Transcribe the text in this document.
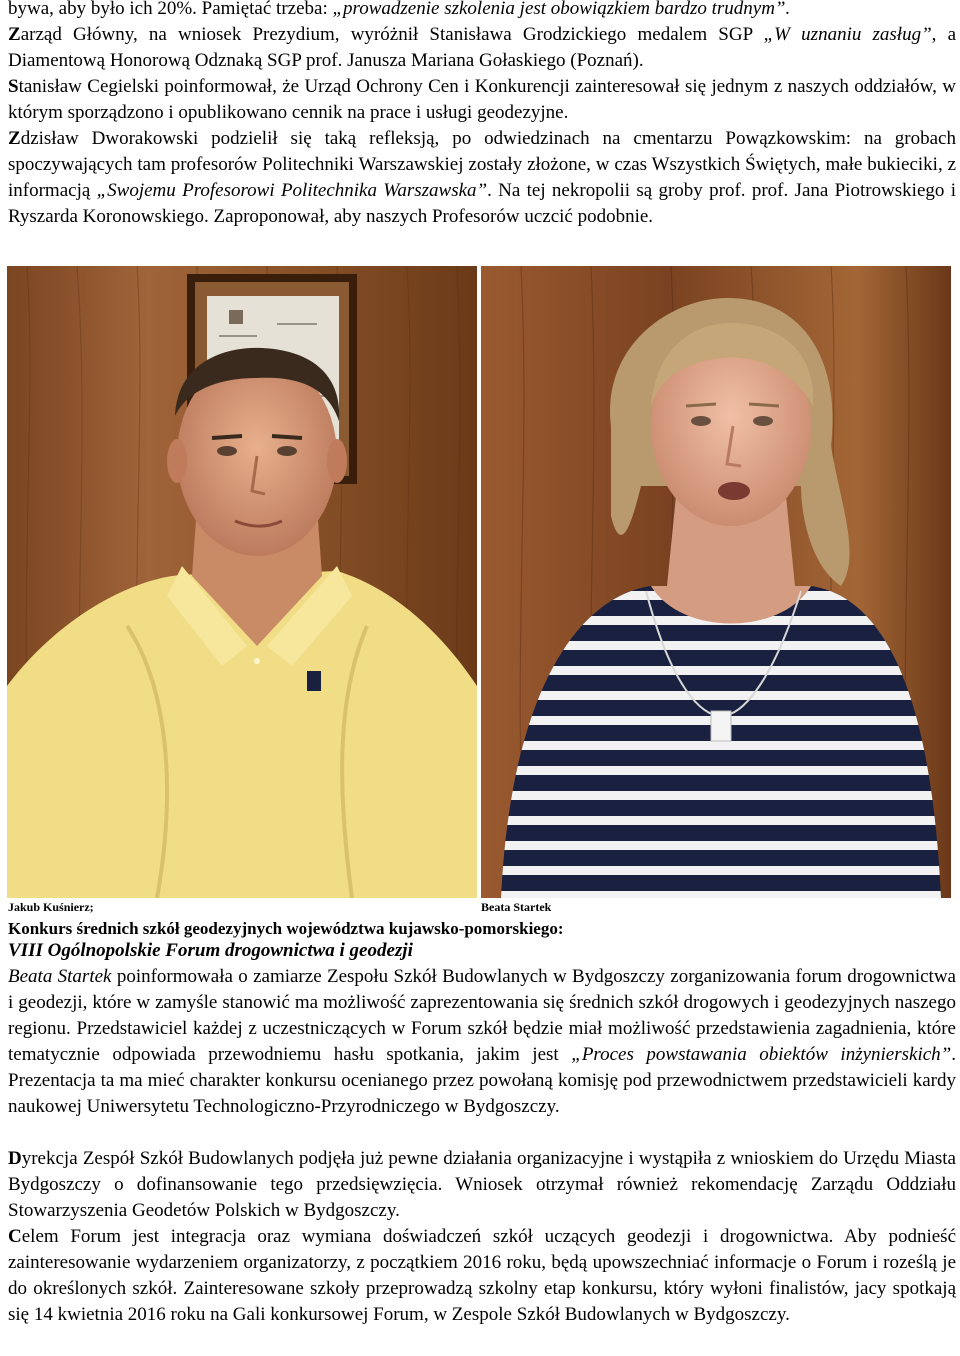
bywa, aby było ich 20%. Pamiętać trzeba: „prowadzenie szkolenia jest obowiązkiem bardzo trudnym”.

Zarząd Główny, na wniosek Prezydium, wyróżnił Stanisława Grodzickiego medalem SGP „W uznaniu zasług”, a Diamentową Honorową Odznaką SGP prof. Janusza Mariana Gołaskiego (Poznań).

Stanisław Cegielski poinformował, że Urząd Ochrony Cen i Konkurencji zainteresował się jednym z naszych oddziałów, w którym sporządzono i opublikowano cennik na prace i usługi geodezyjne.

Zdzisław Dworakowski podzielił się taką refleksją, po odwiedzinach na cmentarzu Powązkowskim: na grobach spoczywających tam profesorów Politechniki Warszawskiej zostały złożone, w czas Wszystkich Świętych, małe bukieciki, z informacją „Swojemu Profesorowi Politechnika Warszawska”. Na tej nekropolii są groby prof. prof. Jana Piotrowskiego i Ryszarda Koronowskiego. Zaproponował, aby naszych Profesorów uczcić podobnie.

Jakub Kuśnierz;	Beata Startek
Konkurs średnich szkół geodezyjnych województwa kujawsko-pomorskiego:
VIII Ogólnopolskie Forum drogownictwa i geodezji

Beata Startek poinformowała o zamiarze Zespołu Szkół Budowlanych w Bydgoszczy zorganizowania forum drogownictwa i geodezji, które w zamyśle stanowić ma możliwość zaprezentowania się średnich szkół drogowych i geodezyjnych naszego regionu. Przedstawiciel każdej z uczestniczących w Forum szkół będzie miał możliwość przedstawienia zagadnienia, które tematycznie odpowiada przewodniemu hasłu spotkania, jakim jest „Proces powstawania obiektów inżynierskich”. Prezentacja ta ma mieć charakter konkursu ocenianego przez powołaną komisję pod przewodnictwem przedstawicieli kardy naukowej Uniwersytetu Technologiczno-Przyrodniczego w Bydgoszczy.

Dyrekcja Zespół Szkół Budowlanych podjęła już pewne działania organizacyjne i wystąpiła z wnioskiem do Urzędu Miasta Bydgoszczy o dofinansowanie tego przedsięwzięcia. Wniosek otrzymał również rekomendację Zarządu Oddziału Stowarzyszenia Geodetów Polskich w Bydgoszczy.

Celem Forum jest integracja oraz wymiana doświadczeń szkół uczących geodezji i drogownictwa. Aby podnieść zainteresowanie wydarzeniem organizatorzy, z początkiem 2016 roku, będą upowszechniać informacje o Forum i roześlą je do określonych szkół. Zainteresowane szkoły przeprowadzą szkolny etap konkursu, który wyłoni finalistów, jacy spotkają się 14 kwietnia 2016 roku na Gali konkursowej Forum, w Zespole Szkół Budowlanych w Bydgoszczy.
